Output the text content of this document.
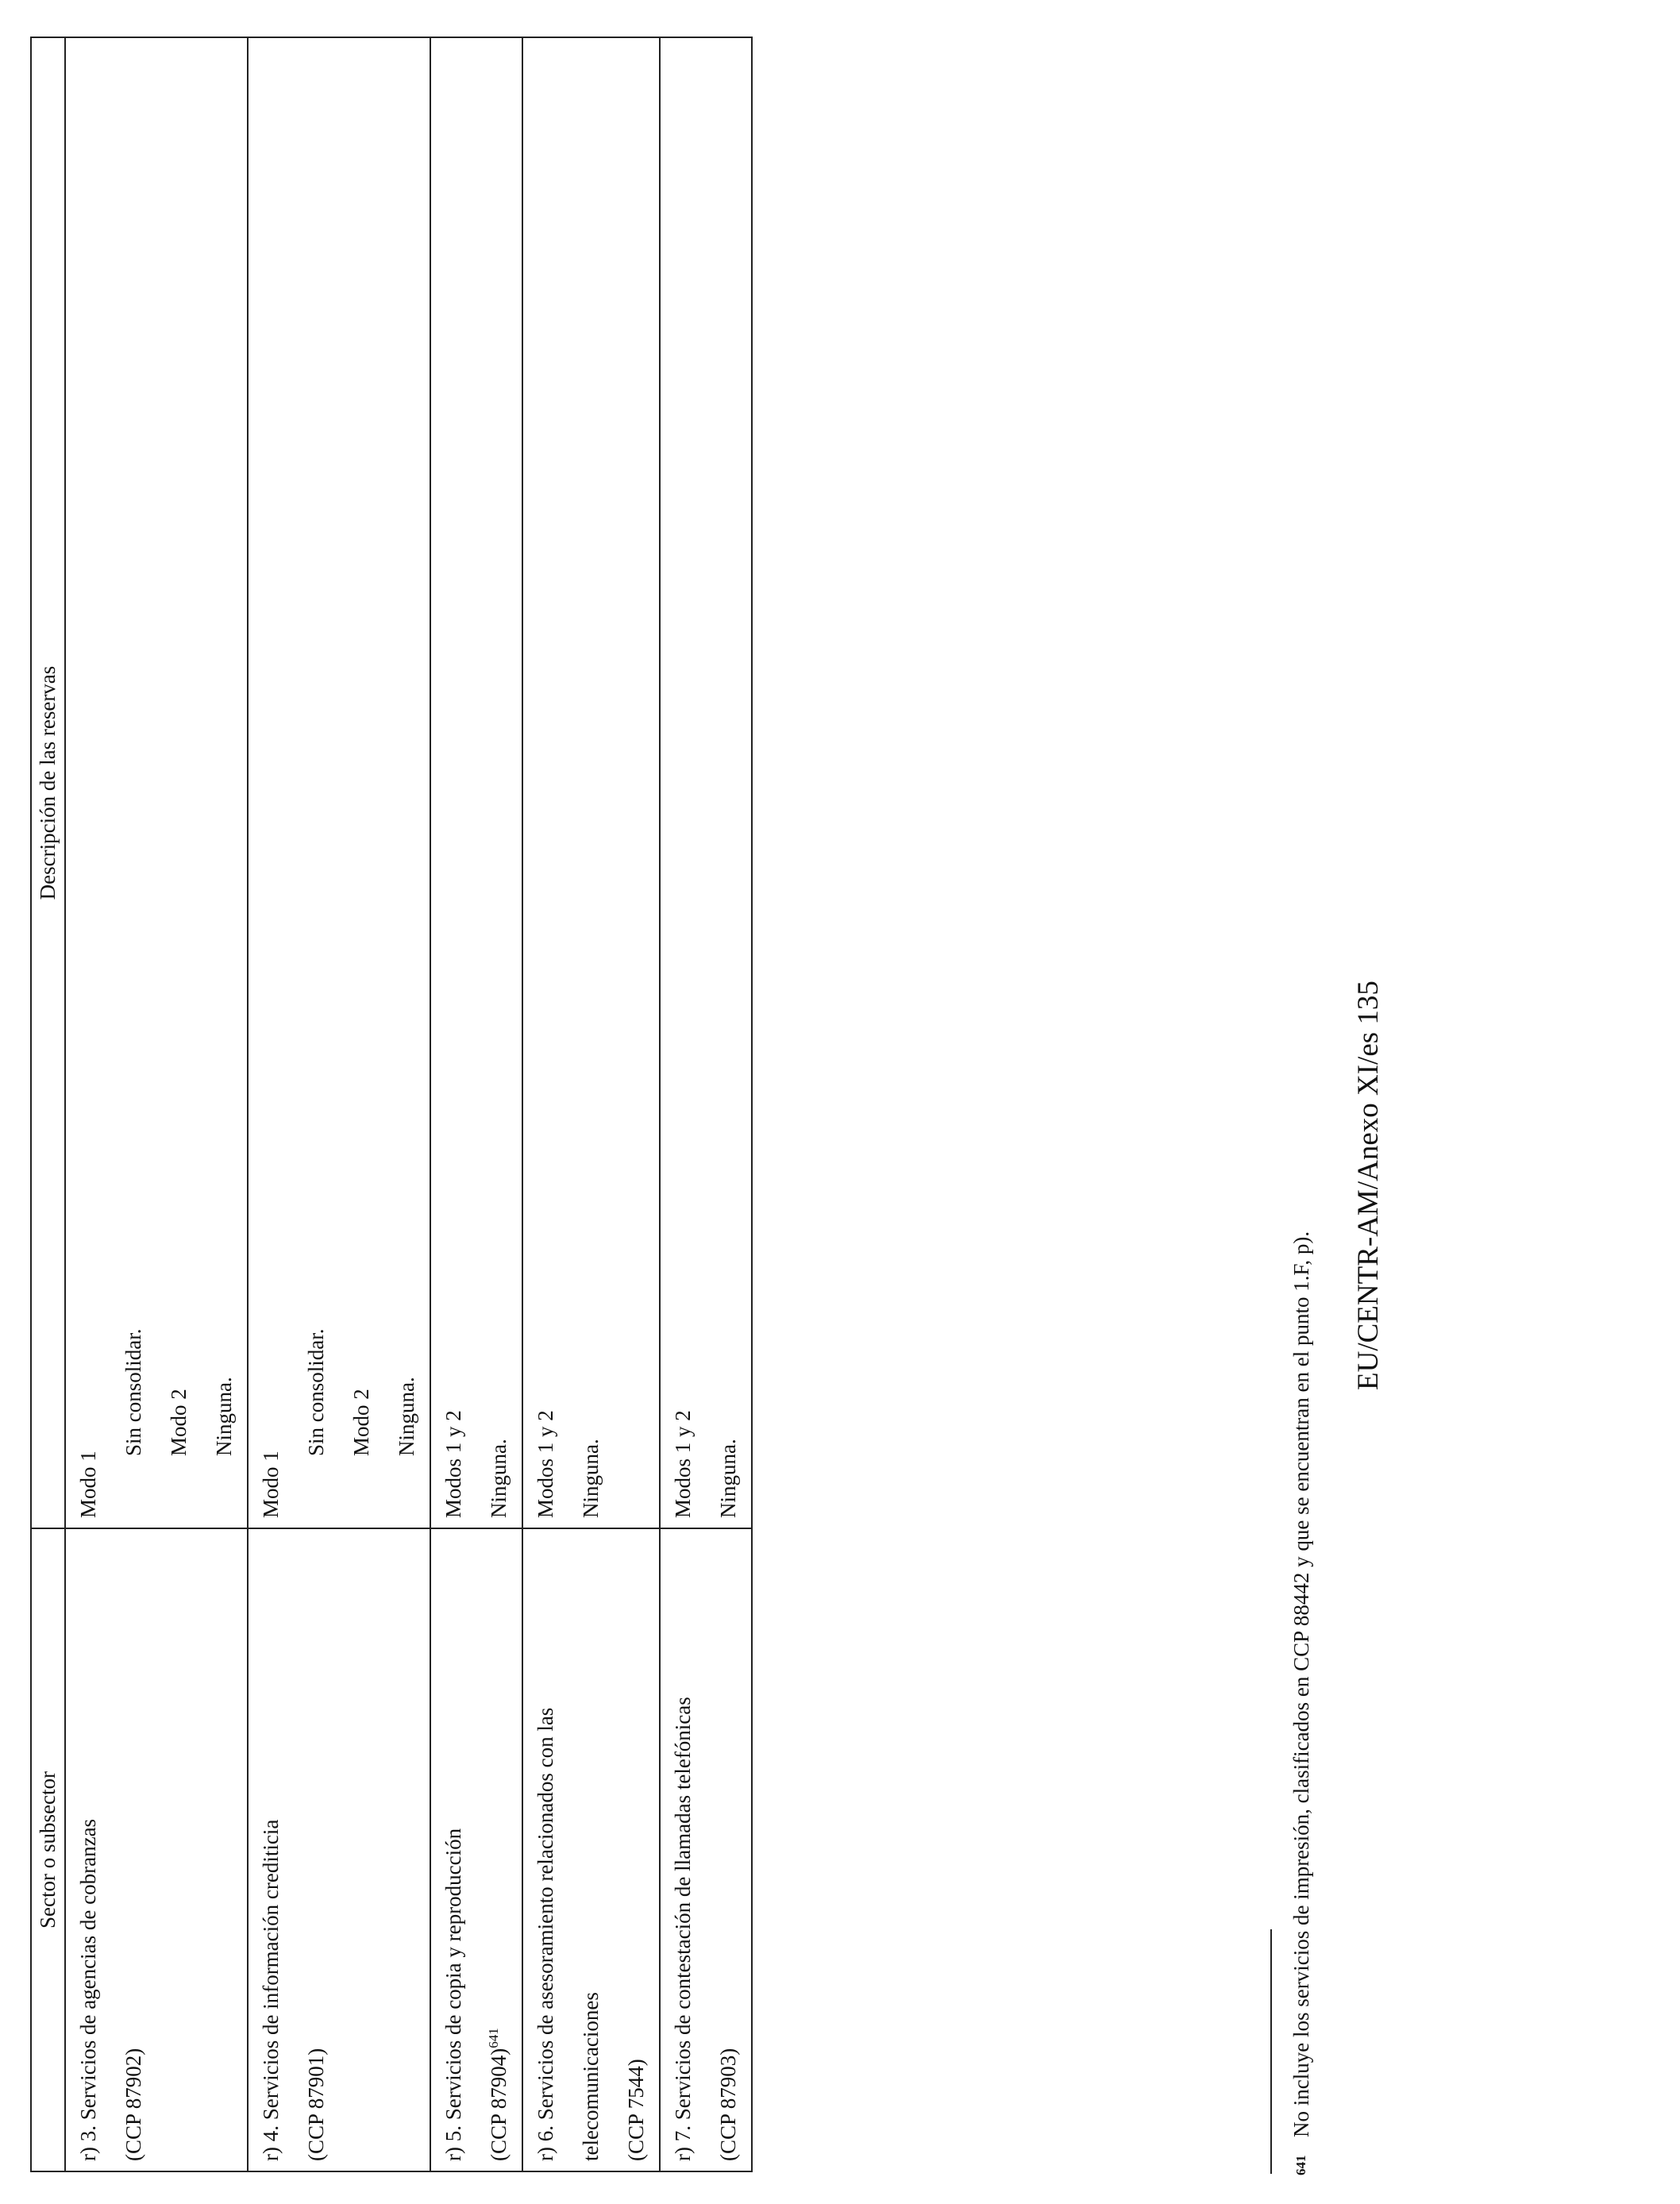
Sector o subsector	Descripción de las reservas

r) 3. Servicios de agencias de cobranzas (CCP 87902)	Modo 1
Sin consolidar. Modo 2 Ninguna.

r) 4. Servicios de información crediticia (CCP 87901)	Modo 1
Sin consolidar. Modo 2 Ninguna.

r) 5. Servicios de copia y reproducción (CCP 87904)$^{641}$	Modos 1 y 2 Ninguna.

r) 6. Servicios de asesoramiento relacionados con las telecomunicaciones (CCP 7544)	Modos 1 y 2 Ninguna.

r) 7. Servicios de contestación de llamadas telefónicas (CCP 87903)	Modos 1 y 2 Ninguna.
641No incluye los servicios de impresión, clasificados en CCP 88442 y que se encuentran en el punto 1.F, p).
EU/CENTR-AM/Anexo XI/es 135
